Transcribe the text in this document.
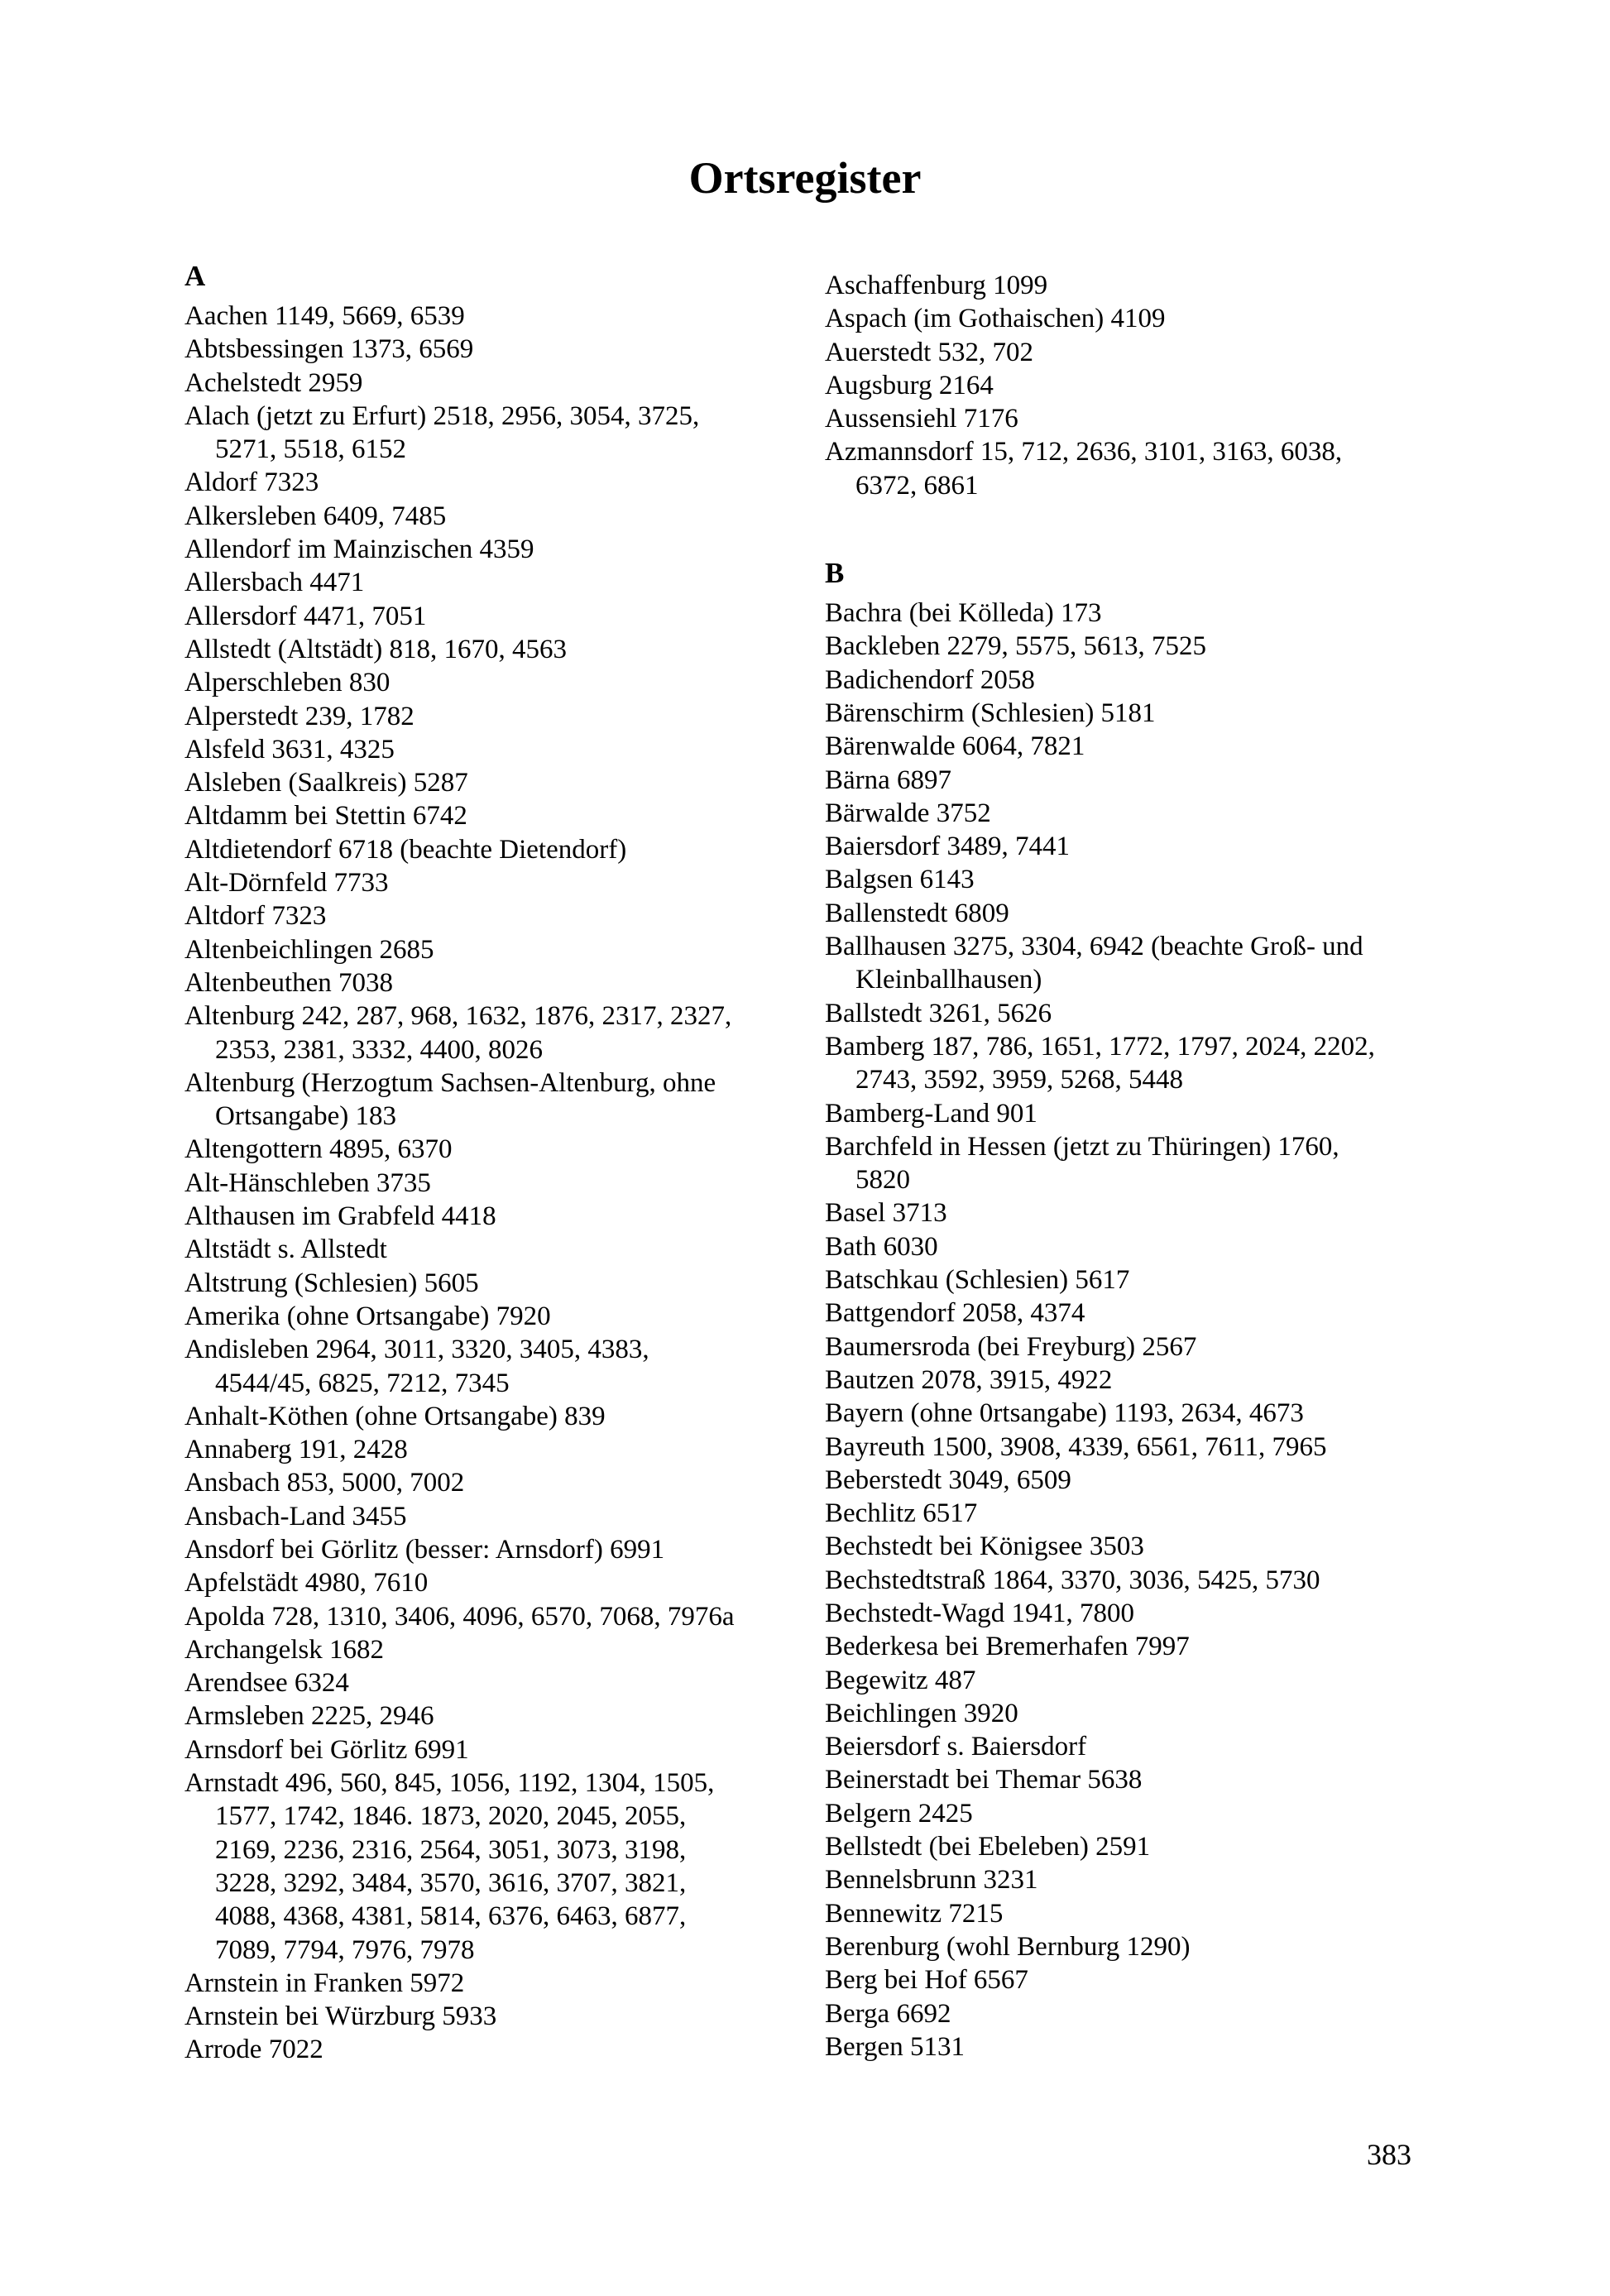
Ortsregister
A
Aachen 1149, 5669, 6539
Abtsbessingen 1373, 6569
Achelstedt 2959
Alach (jetzt zu Erfurt) 2518, 2956, 3054, 3725,
5271, 5518, 6152
Aldorf 7323
Alkersleben 6409, 7485
Allendorf im Mainzischen 4359
Allersbach 4471
Allersdorf 4471, 7051
Allstedt (Altstädt) 818, 1670, 4563
Alperschleben 830
Alperstedt 239, 1782
Alsfeld 3631, 4325
Alsleben (Saalkreis) 5287
Altdamm bei Stettin 6742
Altdietendorf 6718 (beachte Dietendorf)
Alt-Dörnfeld 7733
Altdorf 7323
Altenbeichlingen 2685
Altenbeuthen 7038
Altenburg 242, 287, 968, 1632, 1876, 2317, 2327,
2353, 2381, 3332, 4400, 8026
Altenburg (Herzogtum Sachsen-Altenburg, ohne
Ortsangabe) 183
Altengottern 4895, 6370
Alt-Hänschleben 3735
Althausen im Grabfeld 4418
Altstädt s. Allstedt
Altstrung (Schlesien) 5605
Amerika (ohne Ortsangabe) 7920
Andisleben 2964, 3011, 3320, 3405, 4383,
4544/45, 6825, 7212, 7345
Anhalt-Köthen (ohne Ortsangabe) 839
Annaberg 191, 2428
Ansbach 853, 5000, 7002
Ansbach-Land 3455
Ansdorf bei Görlitz (besser: Arnsdorf) 6991
Apfelstädt 4980, 7610
Apolda 728, 1310, 3406, 4096, 6570, 7068, 7976a
Archangelsk 1682
Arendsee 6324
Armsleben 2225, 2946
Arnsdorf bei Görlitz 6991
Arnstadt 496, 560, 845, 1056, 1192, 1304, 1505,
1577, 1742, 1846. 1873, 2020, 2045, 2055,
2169, 2236, 2316, 2564, 3051, 3073, 3198,
3228, 3292, 3484, 3570, 3616, 3707, 3821,
4088, 4368, 4381, 5814, 6376, 6463, 6877,
7089, 7794, 7976, 7978
Arnstein in Franken 5972
Arnstein bei Würzburg 5933
Arrode 7022
Aschaffenburg 1099
Aspach (im Gothaischen) 4109
Auerstedt 532, 702
Augsburg 2164
Aussensiehl 7176
Azmannsdorf 15, 712, 2636, 3101, 3163, 6038,
6372, 6861
B
Bachra (bei Kölleda) 173
Backleben 2279, 5575, 5613, 7525
Badichendorf 2058
Bärenschirm (Schlesien) 5181
Bärenwalde 6064, 7821
Bärna 6897
Bärwalde 3752
Baiersdorf 3489, 7441
Balgsen 6143
Ballenstedt 6809
Ballhausen 3275, 3304, 6942 (beachte Groß- und
Kleinballhausen)
Ballstedt 3261, 5626
Bamberg 187, 786, 1651, 1772, 1797, 2024, 2202,
2743, 3592, 3959, 5268, 5448
Bamberg-Land 901
Barchfeld in Hessen (jetzt zu Thüringen) 1760,
5820
Basel 3713
Bath 6030
Batschkau (Schlesien) 5617
Battgendorf 2058, 4374
Baumersroda (bei Freyburg) 2567
Bautzen 2078, 3915, 4922
Bayern (ohne 0rtsangabe) 1193, 2634, 4673
Bayreuth 1500, 3908, 4339, 6561, 7611, 7965
Beberstedt 3049, 6509
Bechlitz 6517
Bechstedt bei Königsee 3503
Bechstedtstraß 1864, 3370, 3036, 5425, 5730
Bechstedt-Wagd 1941, 7800
Bederkesa bei Bremerhafen 7997
Begewitz 487
Beichlingen 3920
Beiersdorf s. Baiersdorf
Beinerstadt bei Themar 5638
Belgern 2425
Bellstedt (bei Ebeleben) 2591
Bennelsbrunn 3231
Bennewitz 7215
Berenburg (wohl Bernburg 1290)
Berg bei Hof 6567
Berga 6692
Bergen 5131
383
